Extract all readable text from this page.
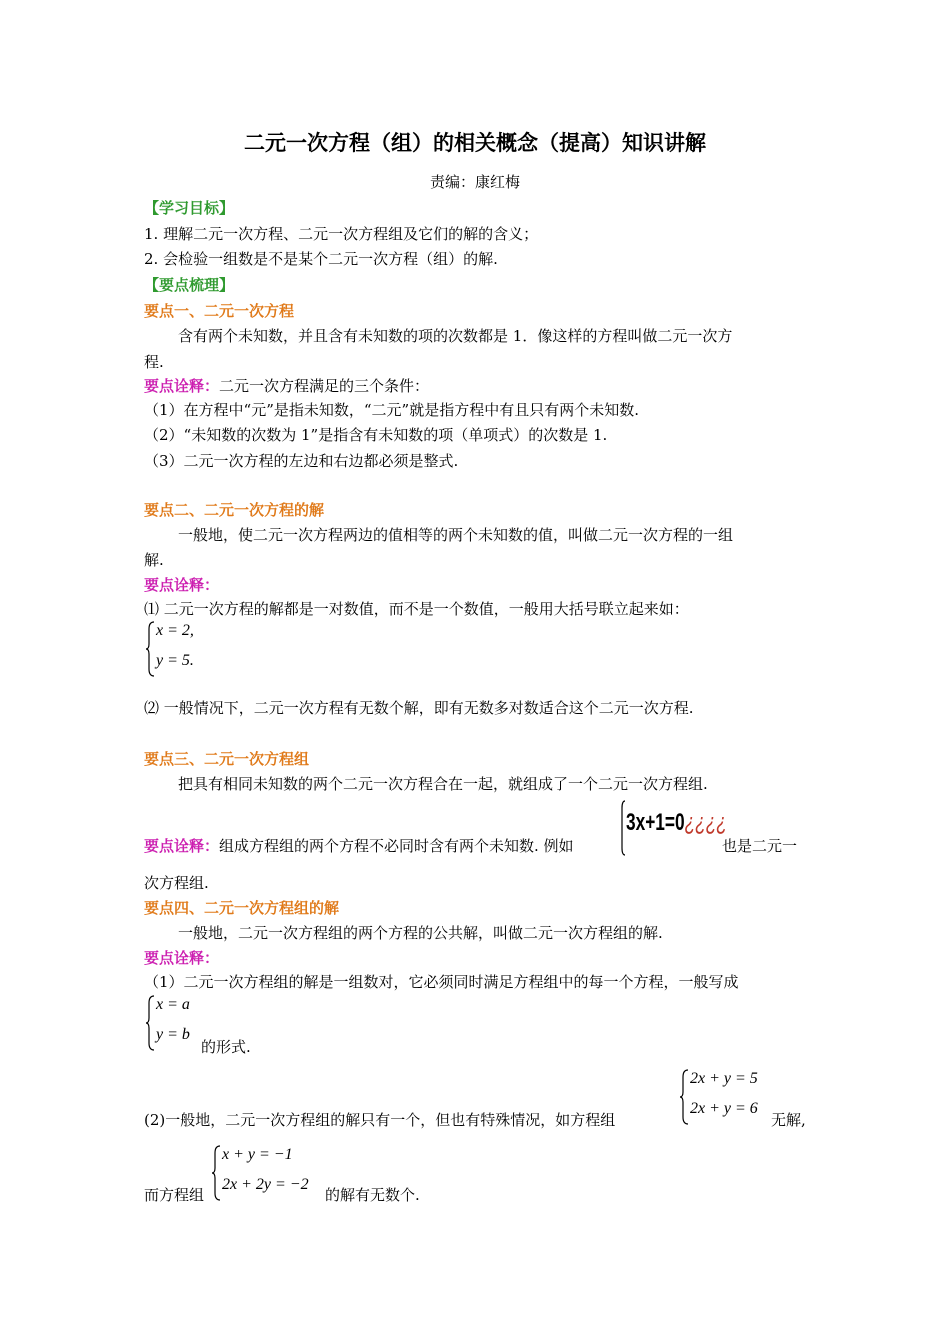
二元一次方程（组）的相关概念（提高）知识讲解
责编：康红梅
【学习目标】
1. 理解二元一次方程、二元一次方程组及它们的解的含义；
2. 会检验一组数是不是某个二元一次方程（组）的解.
【要点梳理】
要点一、二元一次方程
含有两个未知数，并且含有未知数的项的次数都是 1．像这样的方程叫做二元一次方
程.
要点诠释：二元一次方程满足的三个条件：
（1）在方程中“元”是指未知数，“二元”就是指方程中有且只有两个未知数.
（2）“未知数的次数为 1”是指含有未知数的项（单项式）的次数是 1.
（3）二元一次方程的左边和右边都必须是整式.
要点二、二元一次方程的解
一般地，使二元一次方程两边的值相等的两个未知数的值，叫做二元一次方程的一组
解.
要点诠释：
⑴ 二元一次方程的解都是一对数值，而不是一个数值，一般用大括号联立起来如：
x = 2,
y = 5.
⑵ 一般情况下，二元一次方程有无数个解，即有无数多对数适合这个二元一次方程.
要点三、二元一次方程组
把具有相同未知数的两个二元一次方程合在一起，就组成了一个二元一次方程组.
要点诠释：组成方程组的两个方程不必同时含有两个未知数. 例如
3x+1=0¿¿¿¿
也是二元一
次方程组.
要点四、二元一次方程组的解
一般地，二元一次方程组的两个方程的公共解，叫做二元一次方程组的解.
要点诠释：
（1）二元一次方程组的解是一组数对，它必须同时满足方程组中的每一个方程，一般写成
x = a
y = b
的形式.
(2)一般地，二元一次方程组的解只有一个，但也有特殊情况，如方程组
2x + y = 5
2x + y = 6
无解,
而方程组
x + y = −1
2x + 2y = −2
的解有无数个.
